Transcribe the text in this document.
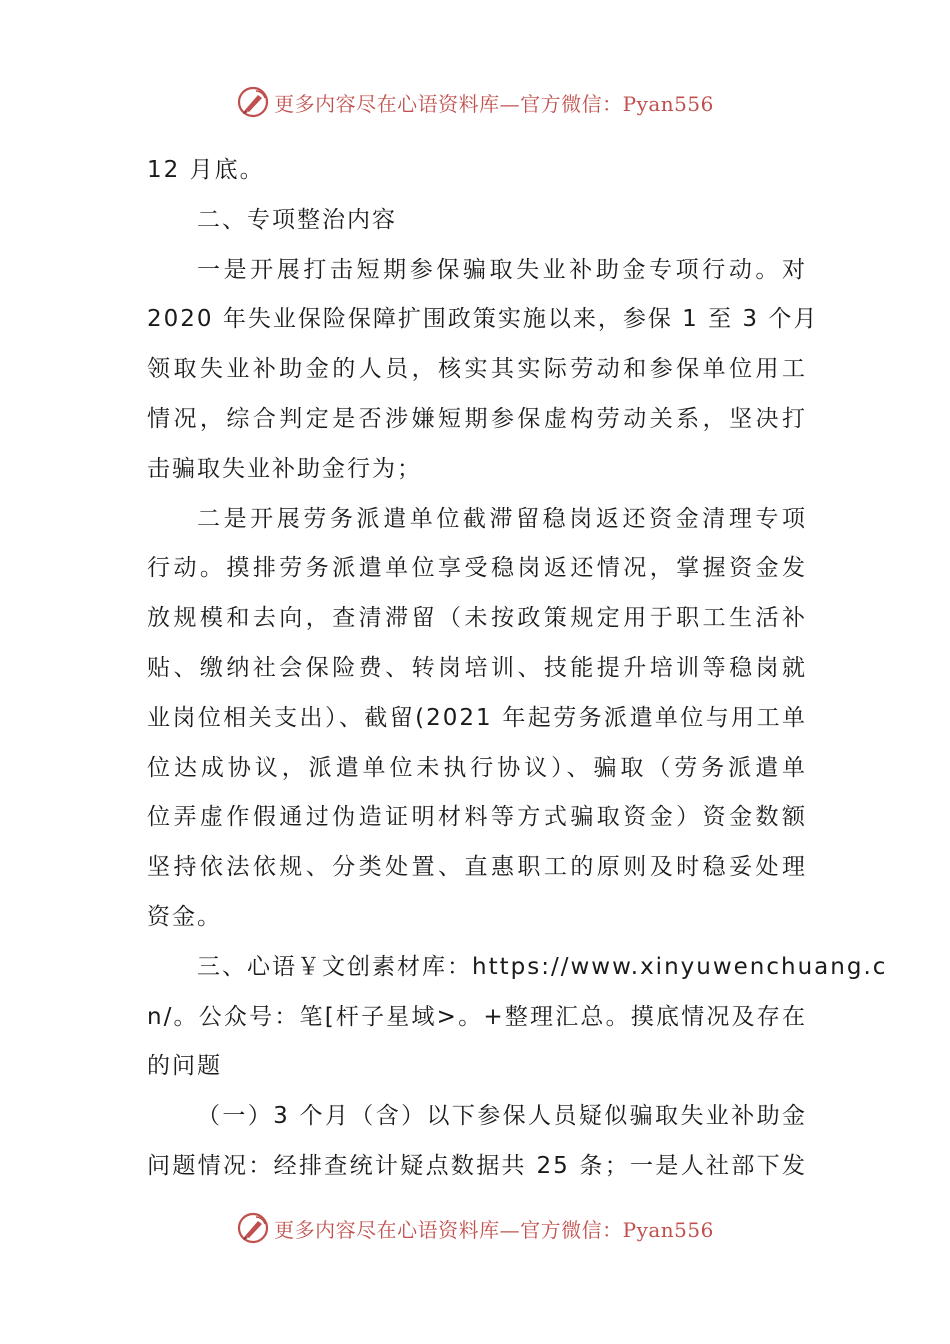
更多内容尽在心语资料库—官方微信：Pyan556
12 月底。
二、专项整治内容
一是开展打击短期参保骗取失业补助金专项行动。对
2020 年失业保险保障扩围政策实施以来，参保 1 至 3 个月
领取失业补助金的人员，核实其实际劳动和参保单位用工
情况，综合判定是否涉嫌短期参保虚构劳动关系，坚决打
击骗取失业补助金行为；
二是开展劳务派遣单位截滞留稳岗返还资金清理专项
行动。摸排劳务派遣单位享受稳岗返还情况，掌握资金发
放规模和去向，查清滞留（未按政策规定用于职工生活补
贴、缴纳社会保险费、转岗培训、技能提升培训等稳岗就
业岗位相关支出）、截留(2021 年起劳务派遣单位与用工单
位达成协议，派遣单位未执行协议）、骗取（劳务派遣单
位弄虚作假通过伪造证明材料等方式骗取资金）资金数额
坚持依法依规、分类处置、直惠职工的原则及时稳妥处理
资金。
三、心语￥文创素材库：https://www.xinyuwenchuang.c
n/。公众号：笔[杆子星域>。+整理汇总。摸底情况及存在
的问题
（一）3 个月（含）以下参保人员疑似骗取失业补助金
问题情况：经排查统计疑点数据共 25 条；一是人社部下发
更多内容尽在心语资料库—官方微信：Pyan556
